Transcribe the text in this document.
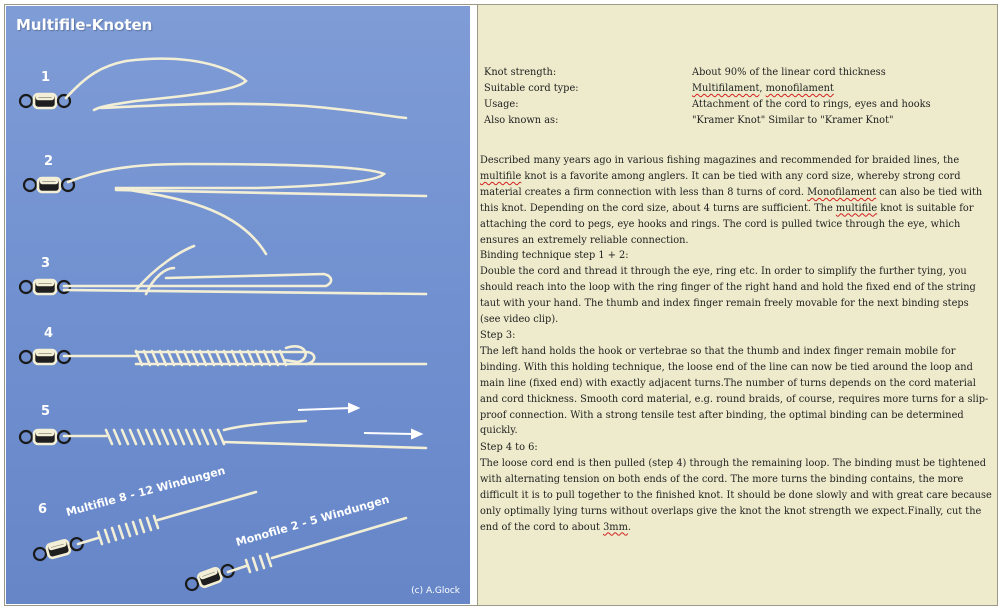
Multifile-Knoten
1
2
3
4
5
6 Multifile 8 - 12 Windungen
Monofile 2 - 5 Windungen
(c) A.Glock
Knot strength:	About 90% of the linear cord thickness
Suitable cord type:	Multifilament, monofilament
Usage:	Attachment of the cord to rings, eyes and hooks
Also known as:	"Kramer Knot" Similar to "Kramer Knot"

Described many years ago in various fishing magazines and recommended for braided lines, the multifile knot is a favorite among anglers. It can be tied with any cord size, whereby strong cord material creates a firm connection with less than 8 turns of cord. Monofilament can also be tied with this knot. Depending on the cord size, about 4 turns are sufficient. The multifile knot is suitable for attaching the cord to pegs, eye hooks and rings. The cord is pulled twice through the eye, which ensures an extremely reliable connection.

Binding technique step 1 + 2:
Double the cord and thread it through the eye, ring etc. In order to simplify the further tying, you should reach into the loop with the ring finger of the right hand and hold the fixed end of the string taut with your hand. The thumb and index finger remain freely movable for the next binding steps (see video clip).

Step 3:
The left hand holds the hook or vertebrae so that the thumb and index finger remain mobile for binding. With this holding technique, the loose end of the line can now be tied around the loop and main line (fixed end) with exactly adjacent turns.The number of turns depends on the cord material and cord thickness. Smooth cord material, e.g. round braids, of course, requires more turns for a slip-proof connection. With a strong tensile test after binding, the optimal binding can be determined quickly.

Step 4 to 6:
The loose cord end is then pulled (step 4) through the remaining loop. The binding must be tightened with alternating tension on both ends of the cord. The more turns the binding contains, the more difficult it is to pull together to the finished knot. It should be done slowly and with great care because only optimally lying turns without overlaps give the knot the knot strength we expect.Finally, cut the end of the cord to about 3mm.
